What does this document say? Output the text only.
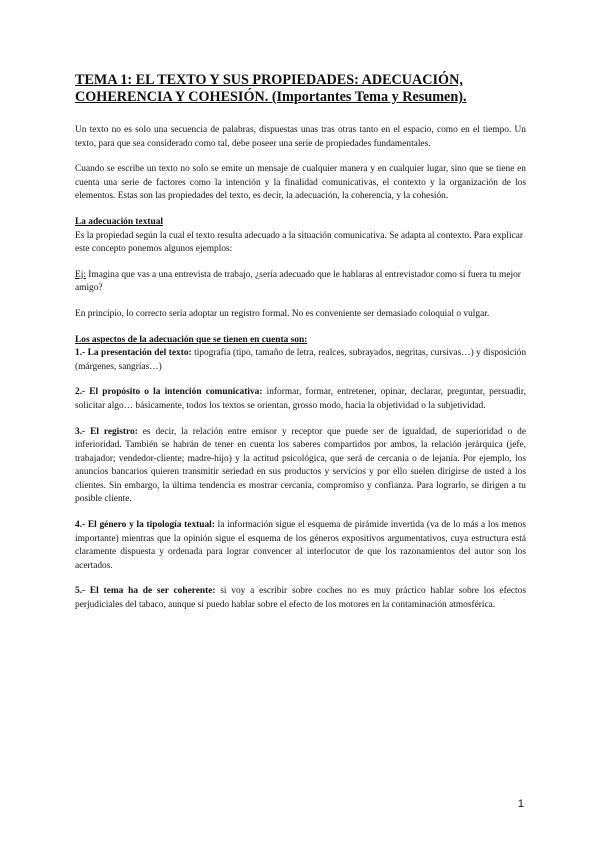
TEMA 1: EL TEXTO Y SUS PROPIEDADES: ADECUACIÓN, COHERENCIA Y COHESIÓN. (Importantes Tema y Resumen).

Un texto no es solo una secuencia de palabras, dispuestas unas tras otras tanto en el espacio, como en el tiempo. Un texto, para que sea considerado como tal, debe poseer una serie de propiedades fundamentales.

Cuando se escribe un texto no solo se emite un mensaje de cualquier manera y en cualquier lugar, sino que se tiene en cuenta una serie de factores como la intención y la finalidad comunicativas, el contexto y la organización de los elementos. Estas son las propiedades del texto, es decir, la adecuación, la coherencia, y la cohesión.

La adecuación textual

Es la propiedad según la cual el texto resulta adecuado a la situación comunicativa. Se adapta al contexto. Para explicar este concepto ponemos algunos ejemplos:

Ej: Imagina que vas a una entrevista de trabajo, ¿sería adecuado que le hablaras al entrevistador como si fuera tu mejor amigo?

En principio, lo correcto sería adoptar un registro formal. No es conveniente ser demasiado coloquial o vulgar.

Los aspectos de la adecuación que se tienen en cuenta son:

1.- La presentación del texto: tipografía (tipo, tamaño de letra, realces, subrayados, negritas, cursivas…) y disposición (márgenes, sangrías…)

2.- El propósito o la intención comunicativa: informar, formar, entretener, opinar, declarar, preguntar, persuadir, solicitar algo… básicamente, todos los textos se orientan, grosso modo, hacia la objetividad o la subjetividad.

3.- El registro: es decir, la relación entre emisor y receptor que puede ser de igualdad, de superioridad o de inferioridad. También se habrán de tener en cuenta los saberes compartidos por ambos, la relación jerárquica (jefe, trabajador; vendedor-cliente; madre-hijo) y la actitud psicológica, que será de cercanía o de lejanía. Por ejemplo, los anuncios bancarios quieren transmitir seriedad en sus productos y servicios y por ello suelen dirigirse de usted a los clientes. Sin embargo, la última tendencia es mostrar cercanía, compromiso y confianza. Para lograrlo, se dirigen a tu posible cliente.

4.- El género y la tipología textual: la información sigue el esquema de pirámide invertida (va de lo más a los menos importante) mientras que la opinión sigue el esquema de los géneros expositivos argumentativos, cuya estructura está claramente dispuesta y ordenada para lograr convencer al interlocutor de que los razonamientos del autor son los acertados.

5.- El tema ha de ser coherente: si voy a escribir sobre coches no es muy práctico hablar sobre los efectos perjudiciales del tabaco, aunque sí puedo hablar sobre el efecto de los motores en la contaminación atmosférica.

1
